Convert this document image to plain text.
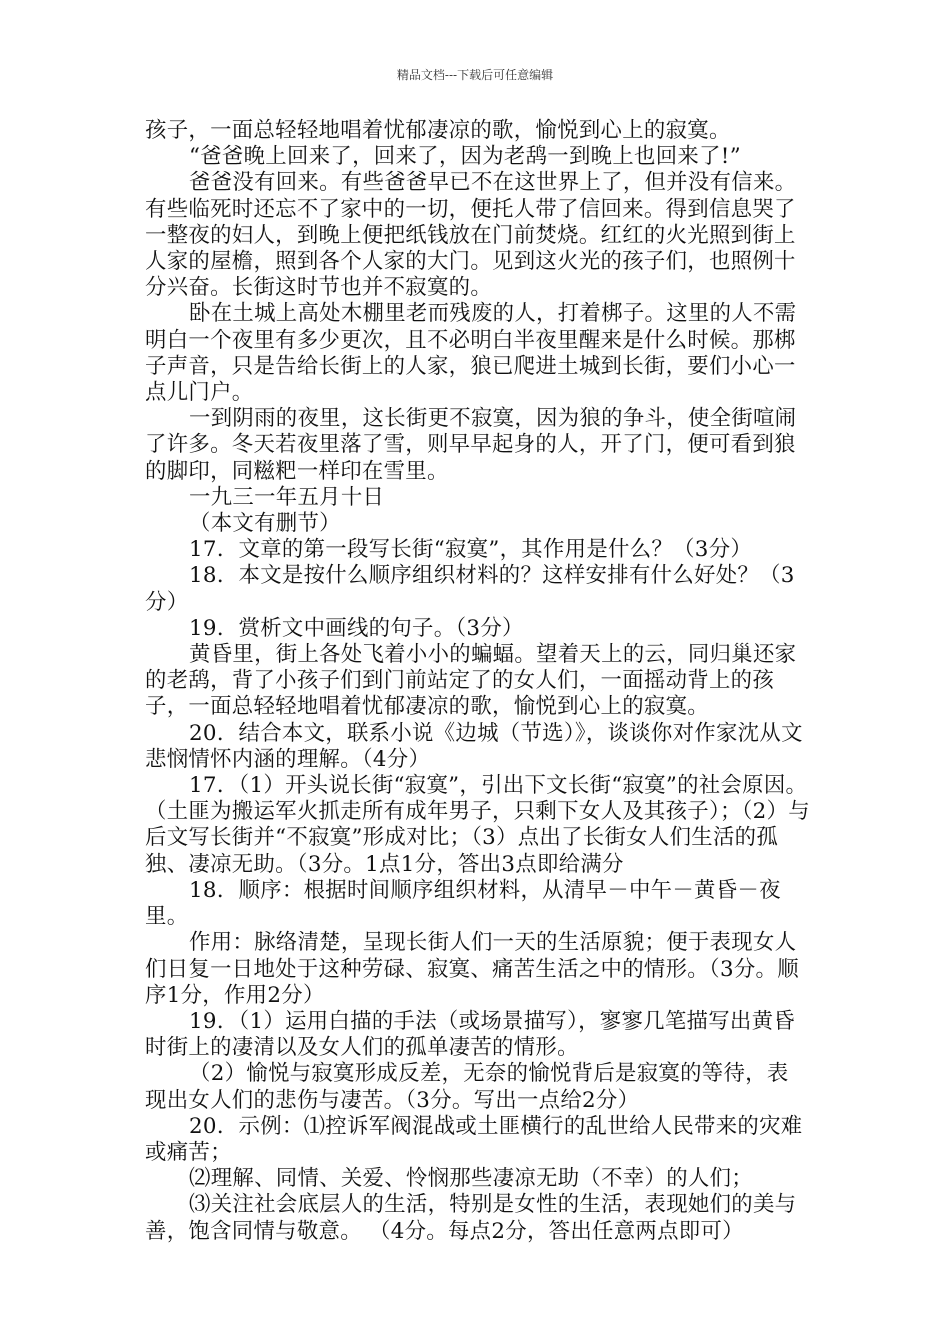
精品文档---下载后可任意编辑

孩子，一面总轻轻地唱着忧郁凄凉的歌，愉悦到心上的寂寞。

“爸爸晚上回来了，回来了，因为老鸹一到晚上也回来了!”

爸爸没有回来。有些爸爸早已不在这世界上了，但并没有信来。有些临死时还忘不了家中的一切，便托人带了信回来。得到信息哭了一整夜的妇人，到晚上便把纸钱放在门前焚烧。红红的火光照到街上人家的屋檐，照到各个人家的大门。见到这火光的孩子们，也照例十分兴奋。长街这时节也并不寂寞的。

卧在土城上高处木棚里老而残废的人，打着梆子。这里的人不需明白一个夜里有多少更次，且不必明白半夜里醒来是什么时候。那梆子声音，只是告给长街上的人家，狼已爬进土城到长街，要们小心一点儿门户。

一到阴雨的夜里，这长街更不寂寞，因为狼的争斗，使全街喧闹了许多。冬天若夜里落了雪，则早早起身的人，开了门，便可看到狼的脚印，同糍粑一样印在雪里。

一九三一年五月十日

（本文有删节）

17．文章的第一段写长街“寂寞”，其作用是什么？（3分）

18．本文是按什么顺序组织材料的？这样安排有什么好处？（3分）

19．赏析文中画线的句子。（3分）

黄昏里，街上各处飞着小小的蝙蝠。望着天上的云，同归巢还家的老鸹，背了小孩子们到门前站定了的女人们，一面摇动背上的孩子，一面总轻轻地唱着忧郁凄凉的歌，愉悦到心上的寂寞。

20．结合本文，联系小说《边城（节选）》，谈谈你对作家沈从文悲悯情怀内涵的理解。（4分）

17．（1）开头说长街“寂寞”，引出下文长街“寂寞”的社会原因。（土匪为搬运军火抓走所有成年男子，只剩下女人及其孩子）；（2）与后文写长街并“不寂寞”形成对比；（3）点出了长街女人们生活的孤独、凄凉无助。（3分。1点1分，答出3点即给满分

18．顺序：根据时间顺序组织材料，从清早－中午－黄昏－夜里。

作用：脉络清楚，呈现长街人们一天的生活原貌；便于表现女人们日复一日地处于这种劳碌、寂寞、痛苦生活之中的情形。（3分。顺序1分，作用2分）

19．（1）运用白描的手法（或场景描写），寥寥几笔描写出黄昏时街上的凄清以及女人们的孤单凄苦的情形。

（2）愉悦与寂寞形成反差，无奈的愉悦背后是寂寞的等待，表现出女人们的悲伤与凄苦。（3分。写出一点给2分）

20．示例：⑴控诉军阀混战或土匪横行的乱世给人民带来的灾难或痛苦；

⑵理解、同情、关爱、怜悯那些凄凉无助（不幸）的人们；

⑶关注社会底层人的生活，特别是女性的生活，表现她们的美与善，饱含同情与敬意。 （4分。每点2分，答出任意两点即可）
